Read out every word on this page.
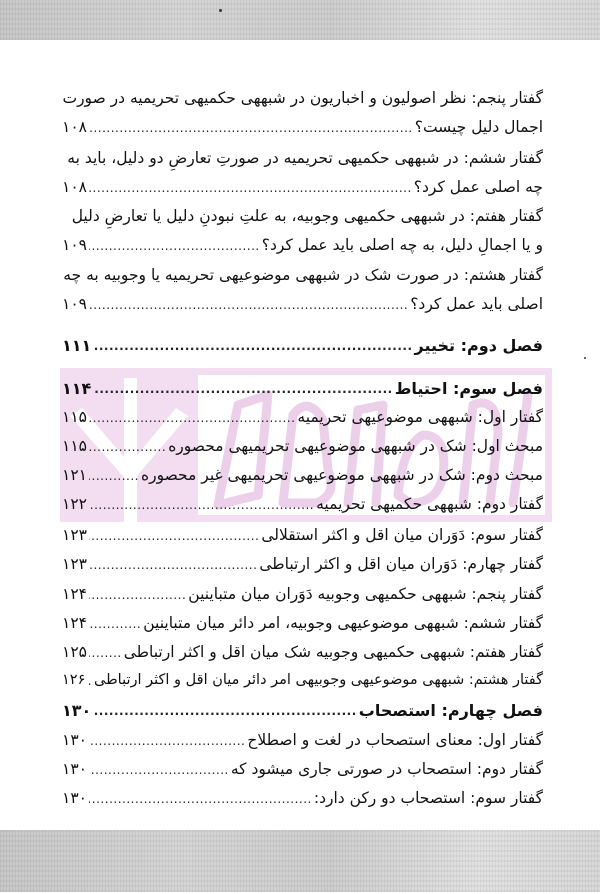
گفتار پنجم: نظر اصولیون و اخباریون در شبههی حکمیهی تحریمیه در صورت
اجمال دلیل چیست؟
.....
۱۰۸
گفتار ششم: در شبههی حکمیهی تحریمیه در صورتِ تعارضِ دو دلیل، باید به
چه اصلی عمل کرد؟
.....
۱۰۸
گفتار هفتم: در شبههی حکمیهی وجوبیه، به علتِ نبودنِ دلیل یا تعارضِ دلیل
و یا اجمالِ دلیل، به چه اصلی باید عمل کرد؟
.....
۱۰۹
گفتار هشتم: در صورت شک در شبههی موضوعیهی تحریمیه یا وجوبیه به چه
اصلی باید عمل کرد؟
.....
۱۰۹
فصل دوم: تخییر
.....
۱۱۱
فصل سوم: احتیاط
.....
۱۱۴
گفتار اول: شبههی موضوعیهی تحریمیه
.....
۱۱۵
مبحث اول: شک در شبههی موضوعیهی تحریمیهی محصوره
.....
۱۱۵
مبحث دوم: شک در شبههی موضوعیهی تحریمیهی غیر محصوره
.....
۱۲۱
گفتار دوم: شبههی حکمیهی تحریمیه
.....
۱۲۲
گفتار سوم: دَوَران میان اقل و اکثر استقلالی
.....
۱۲۳
گفتار چهارم: دَوَران میان اقل و اکثر ارتباطی
.....
۱۲۳
گفتار پنجم: شبههی حکمیهی وجوبیه دَوَران میان متباینین
.....
۱۲۴
گفتار ششم: شبههی موضوعیهی وجوبیه، امر دائر میان متباینین
.....
۱۲۴
گفتار هفتم: شبههی حکمیهی وجوبیه شک میان اقل و اکثر ارتباطی
.....
۱۲۵
گفتار هشتم: شبههی موضوعیهی وجوبیهی امر دائر میان اقل و اکثر ارتباطی
.....
۱۲۶
فصل چهارم: استصحاب
.....
۱۳۰
گفتار اول: معنای استصحاب در لغت و اصطلاح
.....
۱۳۰
گفتار دوم: استصحاب در صورتی جاری میشود که
.....
۱۳۰
گفتار سوم: استصحاب دو رکن دارد:
.....
۱۳۰
